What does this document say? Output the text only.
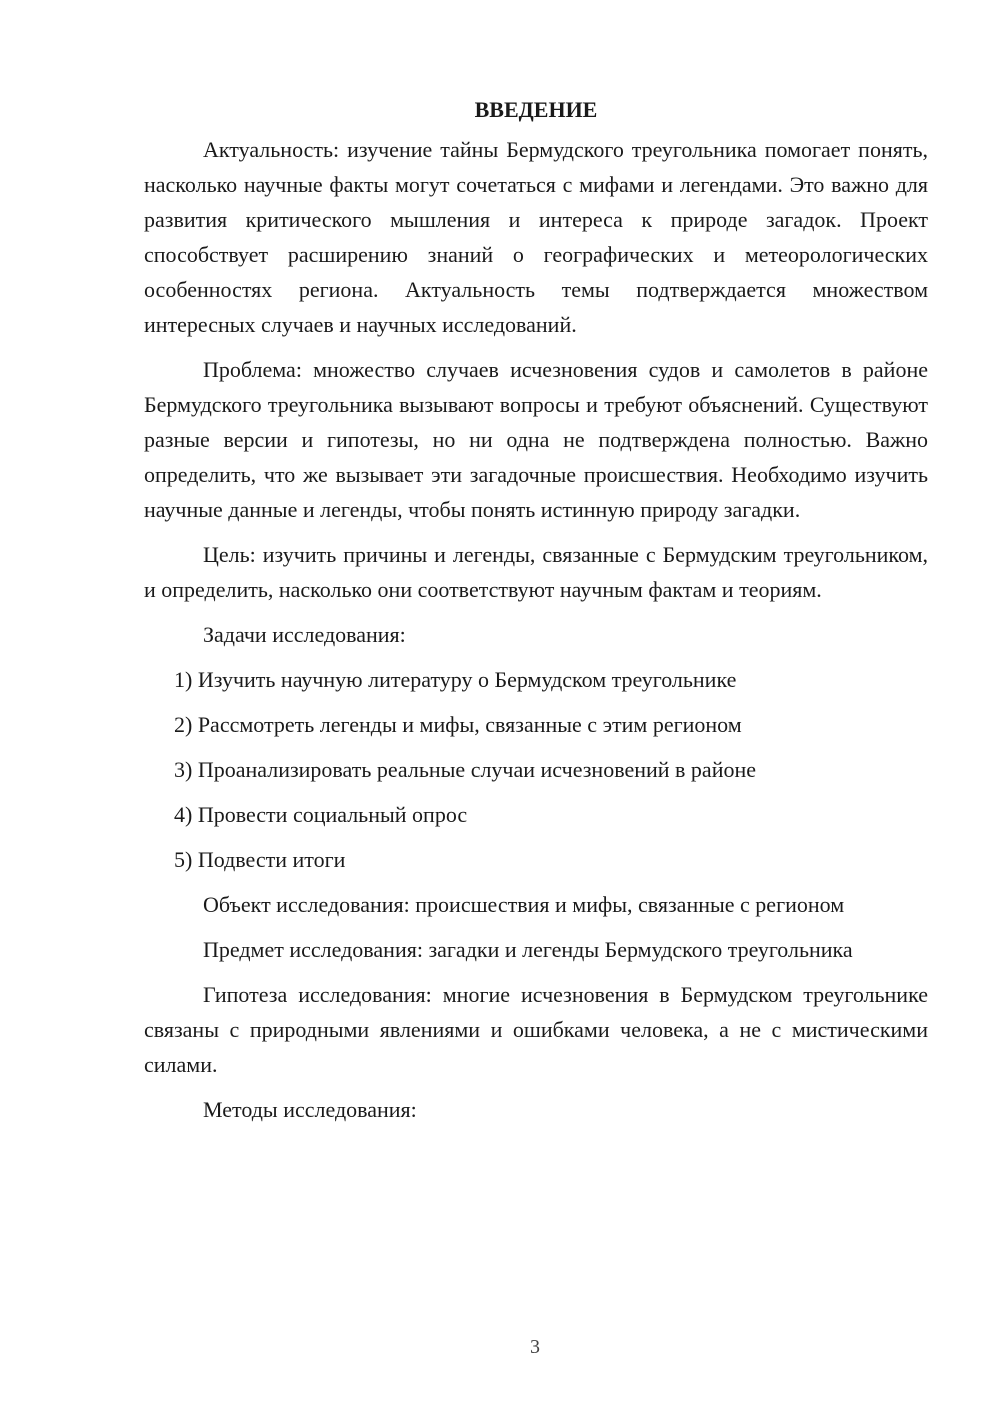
ВВЕДЕНИЕ

Актуальность: изучение тайны Бермудского треугольника помогает понять, насколько научные факты могут сочетаться с мифами и легендами. Это важно для развития критического мышления и интереса к природе загадок. Проект способствует расширению знаний о географических и метеорологических особенностях региона. Актуальность темы подтверждается множеством интересных случаев и научных исследований.

Проблема: множество случаев исчезновения судов и самолетов в районе Бермудского треугольника вызывают вопросы и требуют объяснений. Существуют разные версии и гипотезы, но ни одна не подтверждена полностью. Важно определить, что же вызывает эти загадочные происшествия. Необходимо изучить научные данные и легенды, чтобы понять истинную природу загадки.

Цель: изучить причины и легенды, связанные с Бермудским треугольником, и определить, насколько они соответствуют научным фактам и теориям.

Задачи исследования:

1) Изучить научную литературу о Бермудском треугольнике
2) Рассмотреть легенды и мифы, связанные с этим регионом
3) Проанализировать реальные случаи исчезновений в районе
4) Провести социальный опрос
5) Подвести итоги

Объект исследования: происшествия и мифы, связанные с регионом

Предмет исследования: загадки и легенды Бермудского треугольника

Гипотеза исследования: многие исчезновения в Бермудском треугольнике связаны с природными явлениями и ошибками человека, а не с мистическими силами.

Методы исследования:

3
